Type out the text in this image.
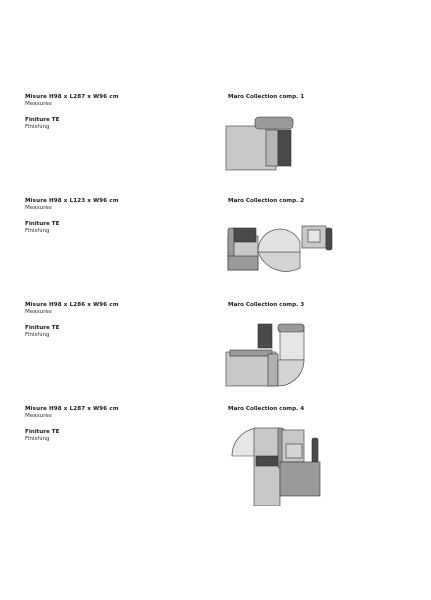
Misure H98 x L287 x W96 cm
Measures
Finiture TE
Finishing
Maro Collection comp. 1
Misure H98 x L123 x W96 cm
Measures
Finiture TE
Finishing
Maro Collection comp. 2
Misure H98 x L286 x W96 cm
Measures
Finiture TE
Finishing
Maro Collection comp. 3
Misure H98 x L287 x W96 cm
Measures
Finiture TE
Finishing
Maro Collection comp. 4
